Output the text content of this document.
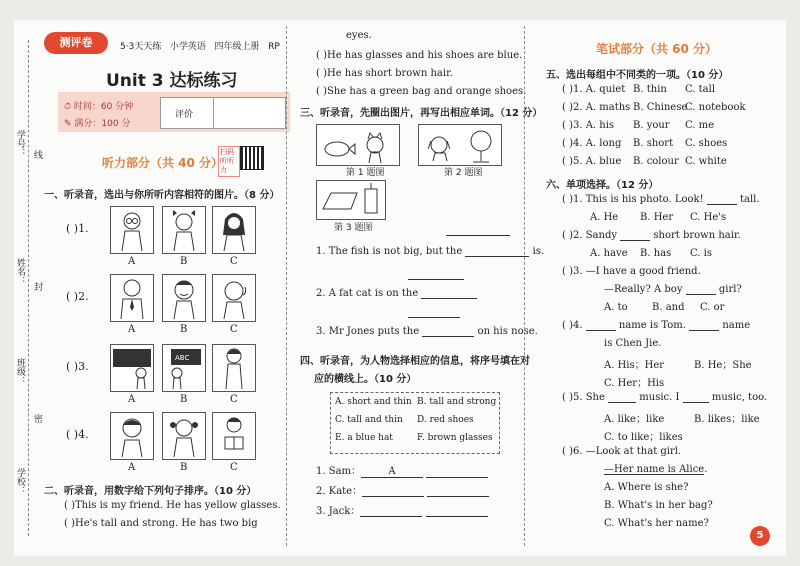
测评卷	5·3天天练 小学英语 四年级上册 RP
Unit 3 达标练习
⏱ 时间：60 分钟
✎ 满分：100 分
评价
听力部分（共 40 分）
扫码听听力
学号： 线
姓名：
封
班级：
密
学校：
一、听录音，选出与你所听内容相符的图片。（8 分）
( )1.
A	B	C
( )2.
A	B	C
( )3.
ABC
A	B	C
( )4.
A	B	C
二、听录音，用数字给下列句子排序。（10 分）
( )This is my friend. He has yellow glasses.
( )He's tall and strong. He has two big
eyes.
( )He has glasses and his shoes are blue.
( )He has short brown hair.
( )She has a green bag and orange shoes.
三、听录音，先圈出图片，再写出相应单词。（12 分）
第 1 题图	第 2 题图
第 3 题图
1. The fish is not big, but the	is.
2. A fat cat is on the
3. Mr Jones puts the	on his nose.
四、听录音，为人物选择相应的信息，将序号填在对
应的横线上。（10 分）
A. short and thin B. tall and strong
C. tall and thin D. red shoes
E. a blue hat	F. brown glasses
1. Sam：	A
2. Kate：
3. Jack：
笔试部分（共 60 分）
五、选出每组中不同类的一项。（10 分）
( )1. A. quiet B. thin C. tall
( )2. A. maths B. ChineseC. notebook
( )3. A. his B. your C. me
( )4. A. long B. short C. shoes
( )5. A. blue B. colour C. white
六、单项选择。（12 分）
( )1. This is his photo. Look!	tall.
A. He B. Her C. He's
( )2. Sandy	short brown hair.
A. have B. has C. is
( )3. —I have a good friend.
—Really? A boy	girl?
A. to B. and C. or
( )4.	name is Tom.	name
is Chen Jie.
A. His；Her	B. He；She
C. Her；His
( )5. She	music. I	music, too.
A. like；like	B. likes；like
C. to like；likes
( )6. —Look at that girl.
—Her name is Alice.
A. Where is she?
B. What's in her bag?
C. What's her name?
5
